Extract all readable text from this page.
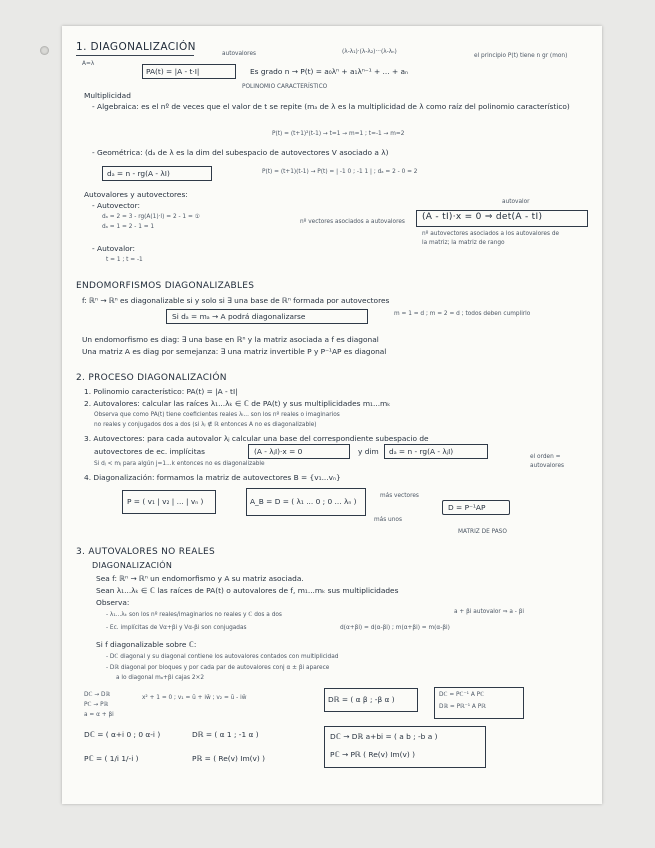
1. DIAGONALIZACIÓN
autovalores	(λ-λ₁)·(λ-λ₂)···(λ-λₙ)
el principio P(t) tiene n gr (mon)
A=λ
PA(t) = |A - t·I|	Es grado n → P(t) = a₀λⁿ + a₁λⁿ⁻¹ + ... + aₙ
POLINOMIO CARACTERÍSTICO
Multiplicidad
- Algebraica: es el nº de veces que el valor de t se repite (mₐ de λ es la multiplicidad de λ como raíz del polinomio característico)
P(t) = (t+1)²(t-1) → t=1 → m=1 ; t=-1 → m=2
- Geométrica: (dₐ de λ es la dim del subespacio de autovectores V asociado a λ)
dₐ = n - rg(A - λI)	P(t) = (t+1)(t-1) → P(t) = | -1 0 ; -1 1 | ; dₐ = 2 - 0 = 2
Autovalores y autovectores:
- Autovector:
dₐ = 2 = 3 - rg(A(1)·I) = 2 - 1 = ①
dₐ = 1 = 2 - 1 = 1
nº vectores asociados a autovalores
autovalor
(A - tI)·x = 0 ⇒ det(A - tI)
nº autovectores asociados a los autovalores de la matriz; la matriz de rango
- Autovalor:
t = 1 ; t = -1
ENDOMORFISMOS DIAGONALIZABLES
f: ℝⁿ → ℝⁿ es diagonalizable si y solo si ∃ una base de ℝⁿ formada por autovectores
Si dₐ = mₐ → A podrá diagonalizarse	m = 1 = d ; m = 2 = d ; todos deben cumplirlo
Un endomorfismo es diag: ∃ una base en ℝⁿ y la matriz asociada a f es diagonal
Una matriz A es diag por semejanza: ∃ una matriz invertible P y P⁻¹AP es diagonal
2. PROCESO DIAGONALIZACIÓN
1. Polinomio característico: PA(t) = |A - tI|
2. Autovalores: calcular las raíces λ₁...λₖ ∈ ℂ de PA(t) y sus multiplicidades m₁...mₖ
Observa que como PA(t) tiene coeficientes reales λᵢ... son los nº reales o imaginarios
no reales y conjugados dos a dos (si λⱼ ∉ ℝ entonces A no es diagonalizable)
3. Autovectores: para cada autovalor λⱼ calcular una base del correspondiente subespacio de
autovectores de ec. implícitas	(A - λⱼI)·x = 0	y dim dₐ = n - rg(A - λⱼI)
el orden = autovalores
Si dⱼ < mⱼ para algún j=1...k entonces no es diagonalizable
4. Diagonalización: formamos la matriz de autovectores B = {v₁...vₙ}
P = ( v₁ | v₂ | ... | vₙ )	A_B = D = ( λ₁ ... 0 ; 0 ... λₙ )
más vectores
más unos
D = P⁻¹AP
MATRIZ DE PASO
3. AUTOVALORES NO REALES
DIAGONALIZACIÓN
Sea f: ℝⁿ → ℝⁿ un endomorfismo y A su matriz asociada.
Sean λ₁...λₖ ∈ ℂ las raíces de PA(t) o autovalores de f, m₁...mₖ sus multiplicidades
Observa:
- λ₁...λₖ son los nº reales/imaginarios no reales y ℂ dos a dos	a + βi autovalor ⇒ a - βi
- Ec. implícitas de Vα+βi y Vα-βi son conjugadas	d(α+βi) = d(α-βi) ; m(α+βi) = m(α-βi)
Si f diagonalizable sobre ℂ:
- Dℂ diagonal y su diagonal contiene los autovalores contados con multiplicidad
- Dℝ diagonal por bloques y por cada par de autovalores conj α ± βi aparece
a lo diagonal mₐ+βi cajas 2×2
Dℂ → Dℝ
Pℂ → Pℝ
a = α + βi
x² + 1 = 0 ; v₁ = ū + iw̄ ; v₂ = ū - iw̄	Dℝ = ( α β ; -β α )	Dℂ = Pℂ⁻¹ A Pℂ
Dℝ = Pℝ⁻¹ A Pℝ
Dℂ = ( α+i 0 ; 0 α-i )	Dℝ = ( α 1 ; -1 α )
Pℂ = ( 1/i 1/-i )	Pℝ = ( Re(v) Im(v) )
Dℂ → Dℝ a+bi = ( a b ; -b a )
Pℂ → Pℝ ( Re(v) Im(v) )
